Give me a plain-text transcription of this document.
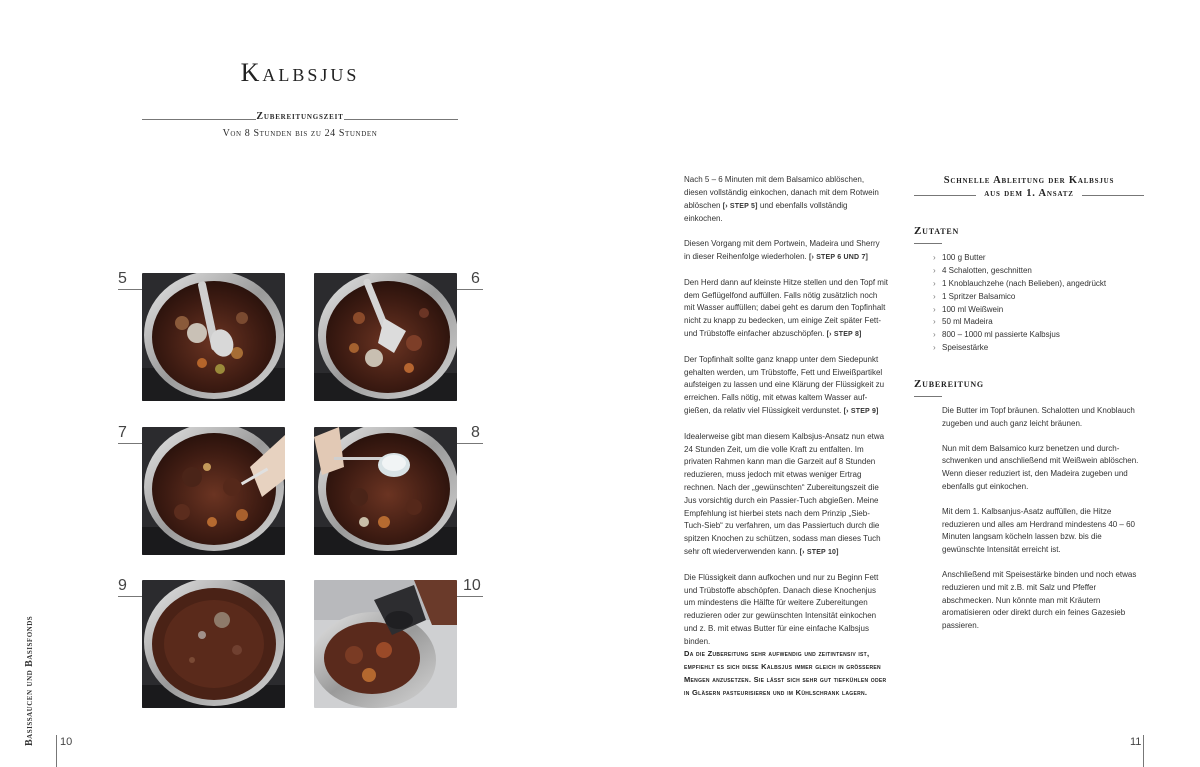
Kalbsjus
Zubereitungszeit
Von 8 Stunden bis zu 24 Stunden
5	6
7	8
9	10
Basissaucen und Basisfonds 10

Nach 5 – 6 Minuten mit dem Balsamico ablöschen, diesen vollständig einkochen, danach mit dem Rotwein ablöschen [› STEP 5] und ebenfalls vollständig einkochen.

Diesen Vorgang mit dem Portwein, Madeira und Sherry in dieser Reihenfolge wiederholen. [› STEP 6 UND 7]

Den Herd dann auf kleinste Hitze stellen und den Topf mit dem Geflügelfond auffüllen. Falls nötig zusätzlich noch mit Wasser auffüllen; dabei geht es darum den Topfinhalt nicht zu knapp zu bedecken, um einige Zeit später Fett- und Trübstoffe einfacher abzuschöpfen. [› STEP 8]

Der Topfinhalt sollte ganz knapp unter dem Siedepunkt gehalten werden, um Trübstoffe, Fett und Eiweißpartikel aufsteigen zu lassen und eine Klärung der Flüssigkeit zu erreichen. Falls nötig, mit etwas kaltem Wasser aufgießen, da relativ viel Flüssigkeit verdunstet. [› STEP 9]

Idealerweise gibt man diesem Kalbsjus-Ansatz nun etwa 24 Stunden Zeit, um die volle Kraft zu entfalten. Im privaten Rahmen kann man die Garzeit auf 8 Stunden reduzieren, muss jedoch mit etwas weniger Ertrag rechnen. Nach der „gewünschten“ Zubereitungszeit die Jus vorsichtig durch ein Passier-Tuch abgießen. Meine Empfehlung ist hierbei stets nach dem Prinzip „Sieb-Tuch-Sieb“ zu verfahren, um das Passiertuch durch die spitzen Knochen zu schützen, sodass man dieses Tuch sehr oft wiederverwenden kann. [› STEP 10]

Die Flüssigkeit dann aufkochen und nur zu Beginn Fett und Trübstoffe abschöpfen. Danach diese Knochenjus um mindestens die Hälfte für weitere Zubereitungen reduzieren oder zur gewünschten Intensität einkochen und z. B. mit etwas Butter für eine einfache Kalbsjus binden.

Da die Zubereitung sehr aufwendig und zeitintensiv ist, empfiehlt es sich diese Kalbsjus immer gleich in grösseren Mengen anzusetzen. Sie lässt sich sehr gut tiefkühlen oder in Gläsern pasteurisieren und im Kühlschrank lagern.
Schnelle Ableitung der Kalbsjus
aus dem 1. Ansatz
Zutaten
› 100 g Butter
› 4 Schalotten, geschnitten
› 1 Knoblauchzehe (nach Belieben), angedrückt
› 1 Spritzer Balsamico
› 100 ml Weißwein
› 50 ml Madeira
› 800 – 1000 ml passierte Kalbsjus
› Speisestärke
Zubereitung

Die Butter im Topf bräunen. Schalotten und Knoblauch zugeben und auch ganz leicht bräunen.

Nun mit dem Balsamico kurz benetzen und durchschwenken und anschließend mit Weißwein ablöschen. Wenn dieser reduziert ist, den Madeira zugeben und ebenfalls gut einkochen.

Mit dem 1. Kalbsanjus-Asatz auffüllen, die Hitze reduzieren und alles am Herdrand mindestens 40 – 60 Minuten langsam köcheln lassen bzw. bis die gewünschte Intensität erreicht ist.

Anschließend mit Speisestärke binden und noch etwas reduzieren und mit z.B. mit Salz und Pfeffer abschmecken. Nun könnte man mit Kräutern aromatisieren oder direkt durch ein feines Gazesieb passieren.

11
